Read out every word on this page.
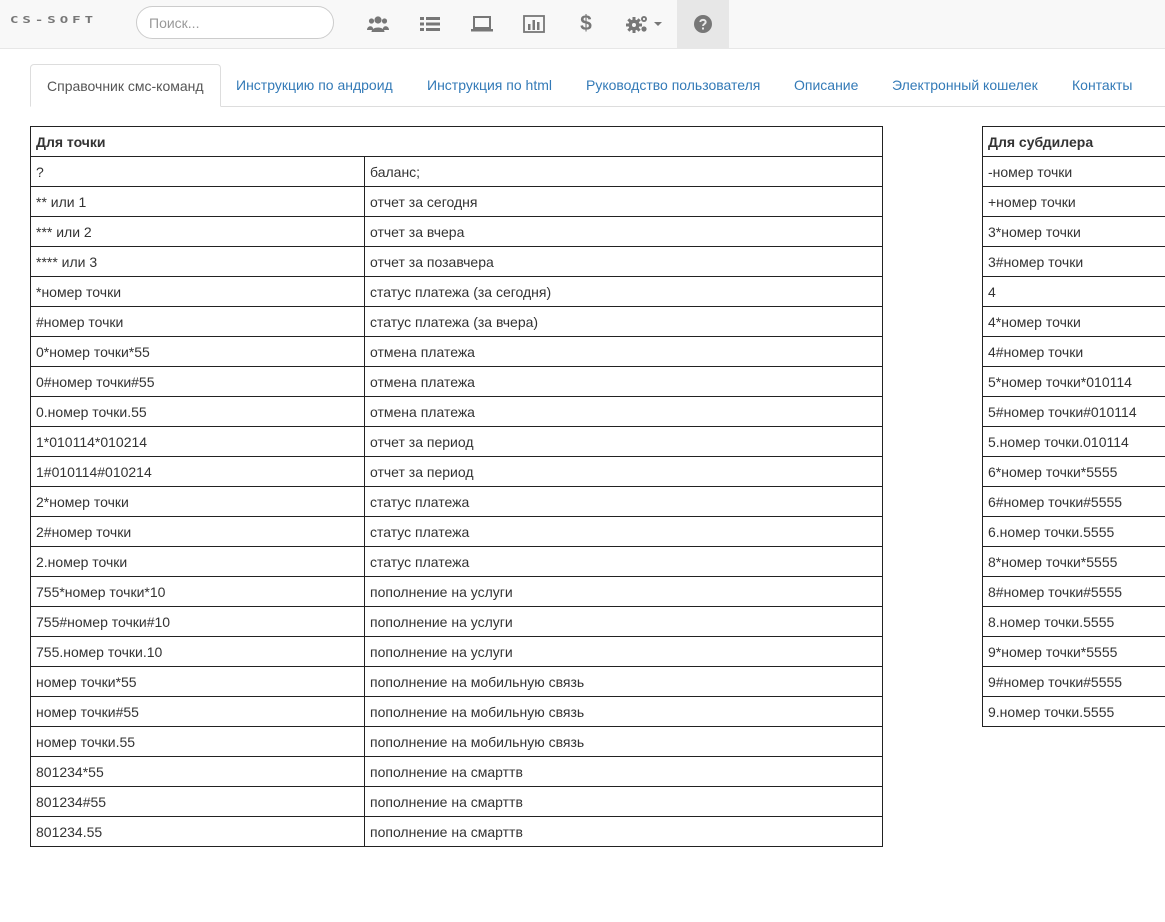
CS-SOFT
Поиск...	$
Справочник смс-команд	Инструкцию по андроид	Инструкция по html	Руководство пользователя	Описание	Электронный кошелек	Контакты
Для точки	
?	баланс;
** или 1	отчет за сегодня
*** или 2	отчет за вчера
**** или 3	отчет за позавчера
*номер точки	статус платежа (за сегодня)
#номер точки	статус платежа (за вчера)
0*номер точки*55	отмена платежа
0#номер точки#55	отмена платежа
0.номер точки.55	отмена платежа
1*010114*010214	отчет за период
1#010114#010214	отчет за период
2*номер точки	статус платежа
2#номер точки	статус платежа
2.номер точки	статус платежа
755*номер точки*10	пополнение на услуги
755#номер точки#10	пополнение на услуги
755.номер точки.10	пополнение на услуги
номер точки*55	пополнение на мобильную связь
номер точки#55	пополнение на мобильную связь
номер точки.55	пополнение на мобильную связь
801234*55	пополнение на смарттв
801234#55	пополнение на смарттв
801234.55	пополнение на смарттв
Для субдилера
-номер точки
+номер точки
3*номер точки
3#номер точки
4
4*номер точки
4#номер точки
5*номер точки*010114
5#номер точки#010114
5.номер точки.010114
6*номер точки*5555
6#номер точки#5555
6.номер точки.5555
8*номер точки*5555
8#номер точки#5555
8.номер точки.5555
9*номер точки*5555
9#номер точки#5555
9.номер точки.5555
